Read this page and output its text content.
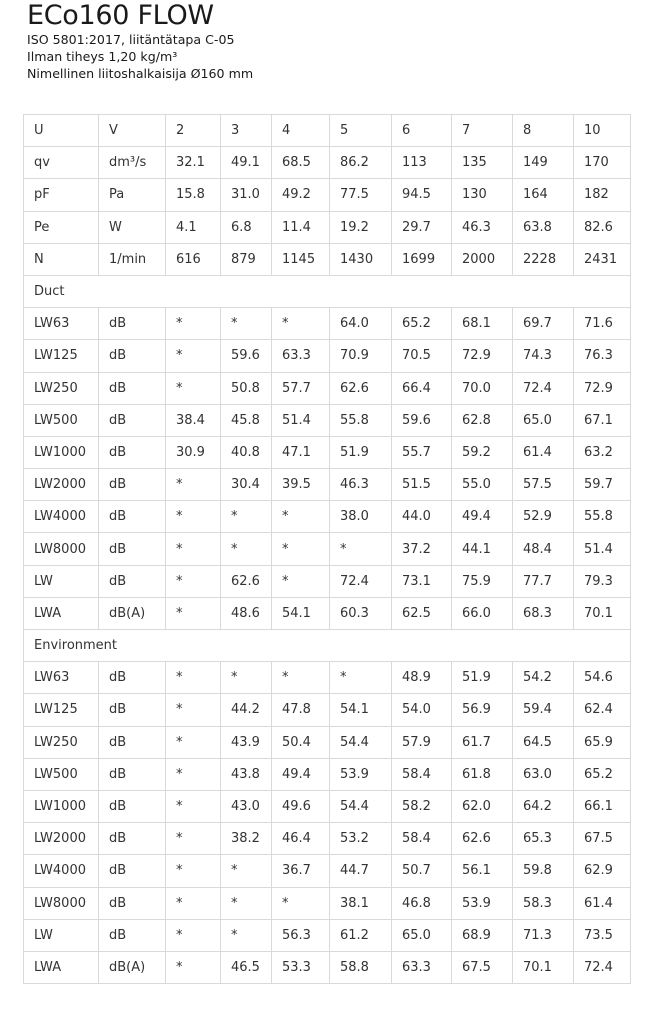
ECo160 FLOW
ISO 5801:2017, liitäntätapa C-05
Ilman tiheys 1,20 kg/m³
Nimellinen liitoshalkaisija Ø160 mm
U	V	2	3	4	5	6	7	8	10
qv	dm³/s	32.1	49.1	68.5	86.2	113	135	149	170
pF	Pa	15.8	31.0	49.2	77.5	94.5	130	164	182
Pe	W	4.1	6.8	11.4	19.2	29.7	46.3	63.8	82.6
N	1/min	616	879	1145	1430	1699	2000	2228	2431
Duct									
LW63	dB	*	*	*	64.0	65.2	68.1	69.7	71.6
LW125	dB	*	59.6	63.3	70.9	70.5	72.9	74.3	76.3
LW250	dB	*	50.8	57.7	62.6	66.4	70.0	72.4	72.9
LW500	dB	38.4	45.8	51.4	55.8	59.6	62.8	65.0	67.1
LW1000	dB	30.9	40.8	47.1	51.9	55.7	59.2	61.4	63.2
LW2000	dB	*	30.4	39.5	46.3	51.5	55.0	57.5	59.7
LW4000	dB	*	*	*	38.0	44.0	49.4	52.9	55.8
LW8000	dB	*	*	*	*	37.2	44.1	48.4	51.4
LW	dB	*	62.6	*	72.4	73.1	75.9	77.7	79.3
LWA	dB(A)	*	48.6	54.1	60.3	62.5	66.0	68.3	70.1
Environment									
LW63	dB	*	*	*	*	48.9	51.9	54.2	54.6
LW125	dB	*	44.2	47.8	54.1	54.0	56.9	59.4	62.4
LW250	dB	*	43.9	50.4	54.4	57.9	61.7	64.5	65.9
LW500	dB	*	43.8	49.4	53.9	58.4	61.8	63.0	65.2
LW1000	dB	*	43.0	49.6	54.4	58.2	62.0	64.2	66.1
LW2000	dB	*	38.2	46.4	53.2	58.4	62.6	65.3	67.5
LW4000	dB	*	*	36.7	44.7	50.7	56.1	59.8	62.9
LW8000	dB	*	*	*	38.1	46.8	53.9	58.3	61.4
LW	dB	*	*	56.3	61.2	65.0	68.9	71.3	73.5
LWA	dB(A)	*	46.5	53.3	58.8	63.3	67.5	70.1	72.4
